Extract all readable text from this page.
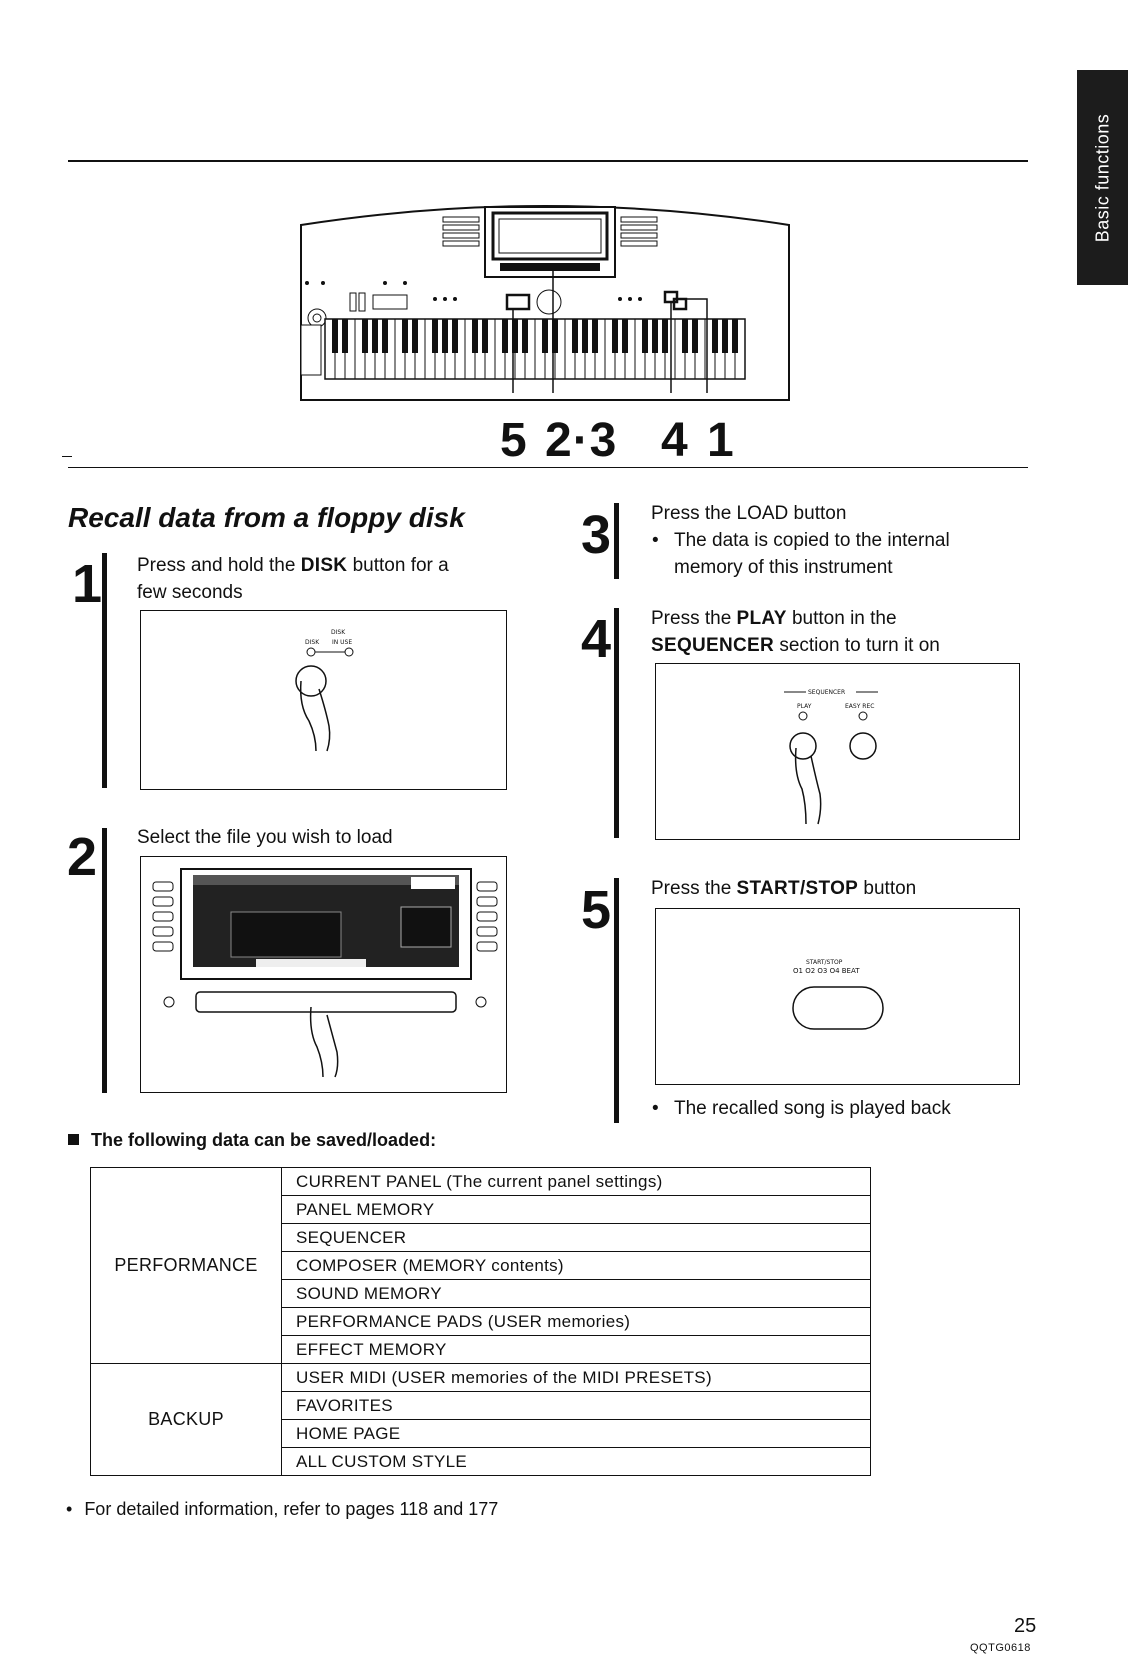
Basic functions
5 2·3 4 1
Recall data from a floppy disk
1 Press and hold the DISK button for a
few seconds
DISK
DISK IN USE
2 Select the file you wish to load
3 Press the LOAD button
• The data is copied to the internal
memory of this instrument
4 Press the PLAY button in the
SEQUENCER section to turn it on
SEQUENCER
PLAY	EASY REC
5 Press the START/STOP button
START/STOP
O1 O2 O3 O4 BEAT
• The recalled song is played back
The following data can be saved/loaded:
PERFORMANCE	CURRENT PANEL (The current panel settings)
	PANEL MEMORY
	SEQUENCER
	COMPOSER (MEMORY contents)
	SOUND MEMORY
	PERFORMANCE PADS (USER memories)
	EFFECT MEMORY
BACKUP	USER MIDI (USER memories of the MIDI PRESETS)
	FAVORITES
	HOME PAGE
	ALL CUSTOM STYLE
• For detailed information, refer to pages 118 and 177
25
QQTG0618
